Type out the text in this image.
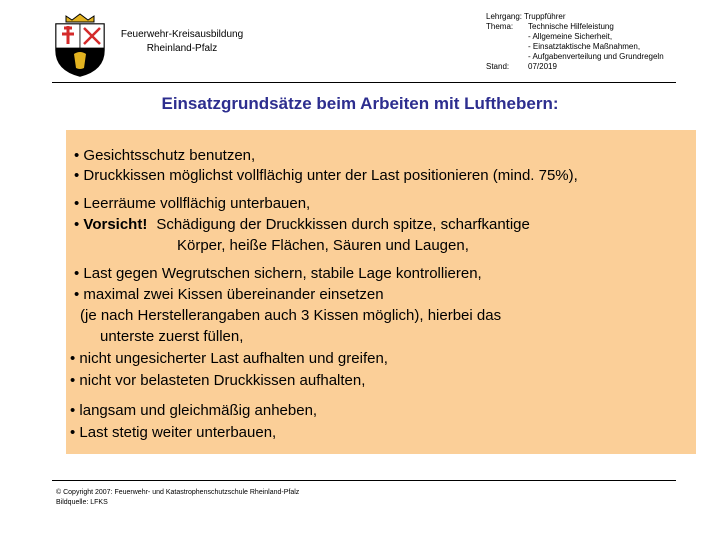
Feuerwehr-Kreisausbildung
Rheinland-Pfalz
Lehrgang: Truppführer
Thema:	Technische Hilfeleistung
- Allgemeine Sicherheit,
- Einsatztaktische Maßnahmen,
- Aufgabenverteilung und Grundregeln
Stand:	07/2019
Einsatzgrundsätze beim Arbeiten mit Lufthebern:
• Gesichtsschutz benutzen,
• Druckkissen möglichst vollflächig unter der Last positionieren (mind. 75%),
• Leerräume vollflächig unterbauen,
• Vorsicht! Schädigung der Druckkissen durch spitze, scharfkantige
Körper, heiße Flächen, Säuren und Laugen,
• Last gegen Wegrutschen sichern, stabile Lage kontrollieren,
• maximal zwei Kissen übereinander einsetzen
(je nach Herstellerangaben auch 3 Kissen möglich), hierbei das
unterste zuerst füllen,
• nicht ungesicherter Last aufhalten und greifen,
• nicht vor belasteten Druckkissen aufhalten,
• langsam und gleichmäßig anheben,
• Last stetig weiter unterbauen,
© Copyright 2007: Feuerwehr- und Katastrophenschutzschule Rheinland-Pfalz
Bildquelle: LFKS
